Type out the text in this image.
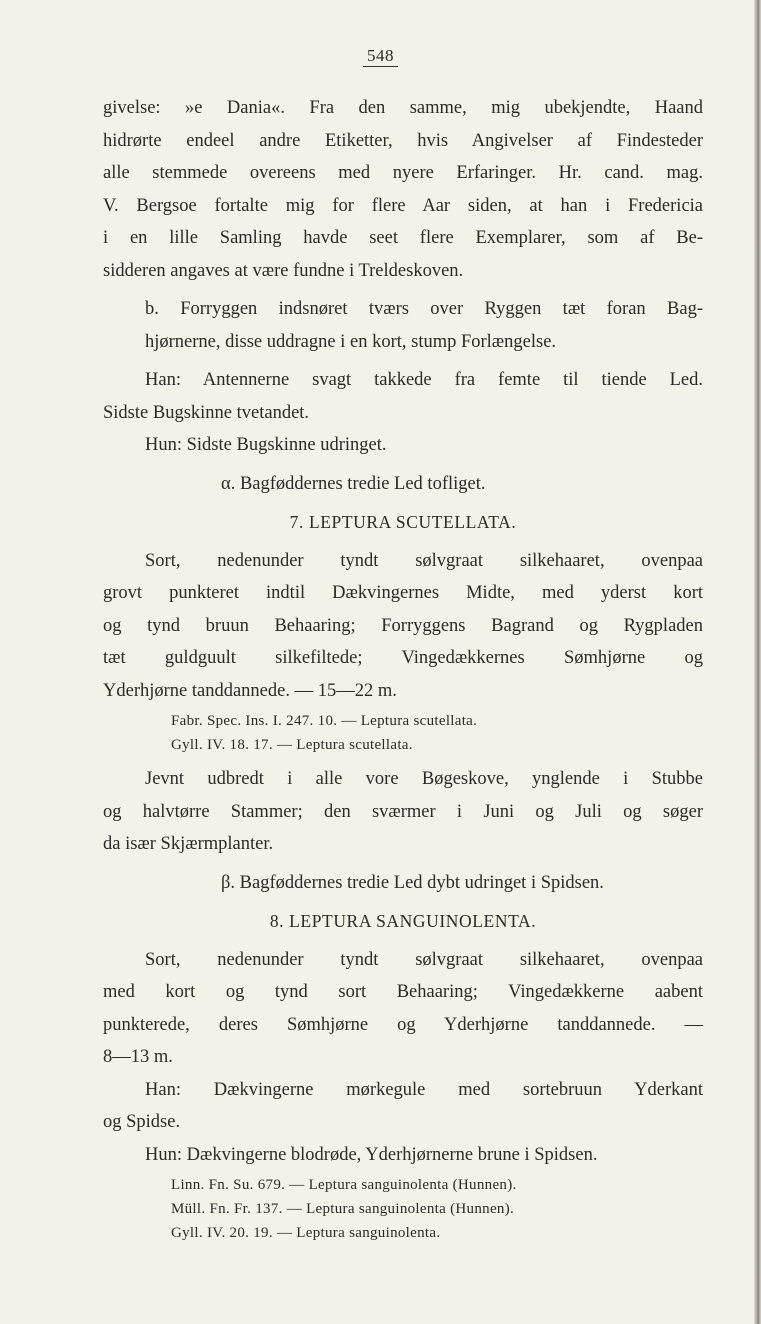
548
givelse: »e Dania«. Fra den samme, mig ubekjendte, Haand
hidrørte endeel andre Etiketter, hvis Angivelser af Findesteder
alle stemmede overeens med nyere Erfaringer. Hr. cand. mag.
V. Bergsoe fortalte mig for flere Aar siden, at han i Fredericia
i en lille Samling havde seet flere Exemplarer, som af Be-
sidderen angaves at være fundne i Treldeskoven.
b. Forryggen indsnøret tværs over Ryggen tæt foran Bag-
hjørnerne, disse uddragne i en kort, stump Forlængelse.
Han: Antennerne svagt takkede fra femte til tiende Led.
Sidste Bugskinne tvetandet.
Hun: Sidste Bugskinne udringet.
α. Bagføddernes tredie Led tofliget.
7. LEPTURA SCUTELLATA.
Sort, nedenunder tyndt sølvgraat silkehaaret, ovenpaa
grovt punkteret indtil Dækvingernes Midte, med yderst kort
og tynd bruun Behaaring; Forryggens Bagrand og Rygpladen
tæt guldguult silkefiltede; Vingedækkernes Sømhjørne og
Yderhjørne tanddannede. — 15—22 m.
Fabr. Spec. Ins. I. 247. 10. — Leptura scutellata.
Gyll. IV. 18. 17. — Leptura scutellata.
Jevnt udbredt i alle vore Bøgeskove, ynglende i Stubbe
og halvtørre Stammer; den sværmer i Juni og Juli og søger
da især Skjærmplanter.
β. Bagføddernes tredie Led dybt udringet i Spidsen.
8. LEPTURA SANGUINOLENTA.
Sort, nedenunder tyndt sølvgraat silkehaaret, ovenpaa
med kort og tynd sort Behaaring; Vingedækkerne aabent
punkterede, deres Sømhjørne og Yderhjørne tanddannede. —
8—13 m.
Han: Dækvingerne mørkegule med sortebruun Yderkant
og Spidse.
Hun: Dækvingerne blodrøde, Yderhjørnerne brune i Spidsen.
Linn. Fn. Su. 679. — Leptura sanguinolenta (Hunnen).
Müll. Fn. Fr. 137. — Leptura sanguinolenta (Hunnen).
Gyll. IV. 20. 19. — Leptura sanguinolenta.
